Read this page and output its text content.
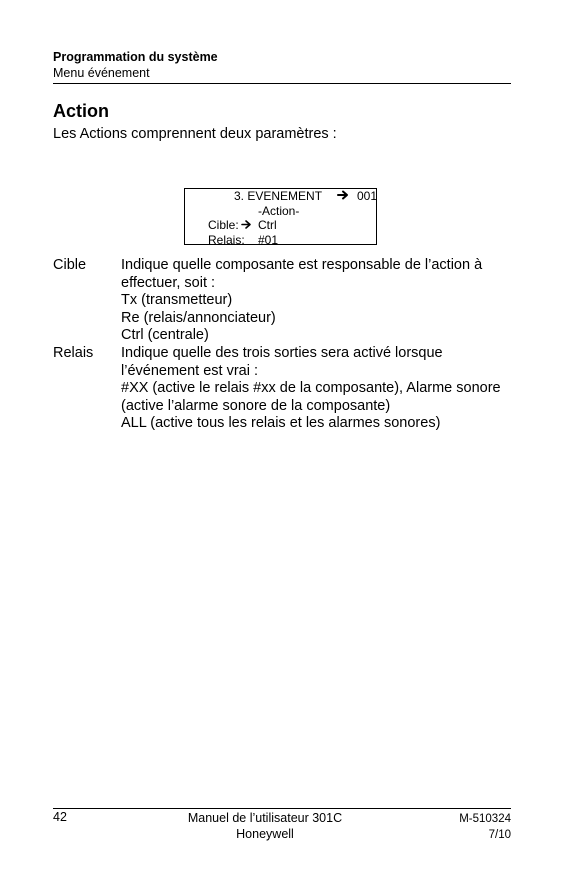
Programmation du système
Menu événement
Action
Les Actions comprennent deux paramètres :
3. EVENEMENT	001
-Action-
Cible: Ctrl
Relais: #01
Cible	Indique quelle composante est responsable de l’action à
effectuer, soit :
Tx (transmetteur)
Re (relais/annonciateur)
Ctrl (centrale)
Relais	Indique quelle des trois sorties sera activé lorsque
l’événement est vrai :
#XX (active le relais #xx de la composante), Alarme sonore
(active l’alarme sonore de la composante)
ALL (active tous les relais et les alarmes sonores)
42	Manuel de l’utilisateur 301C
Honeywell
M-510324
7/10
